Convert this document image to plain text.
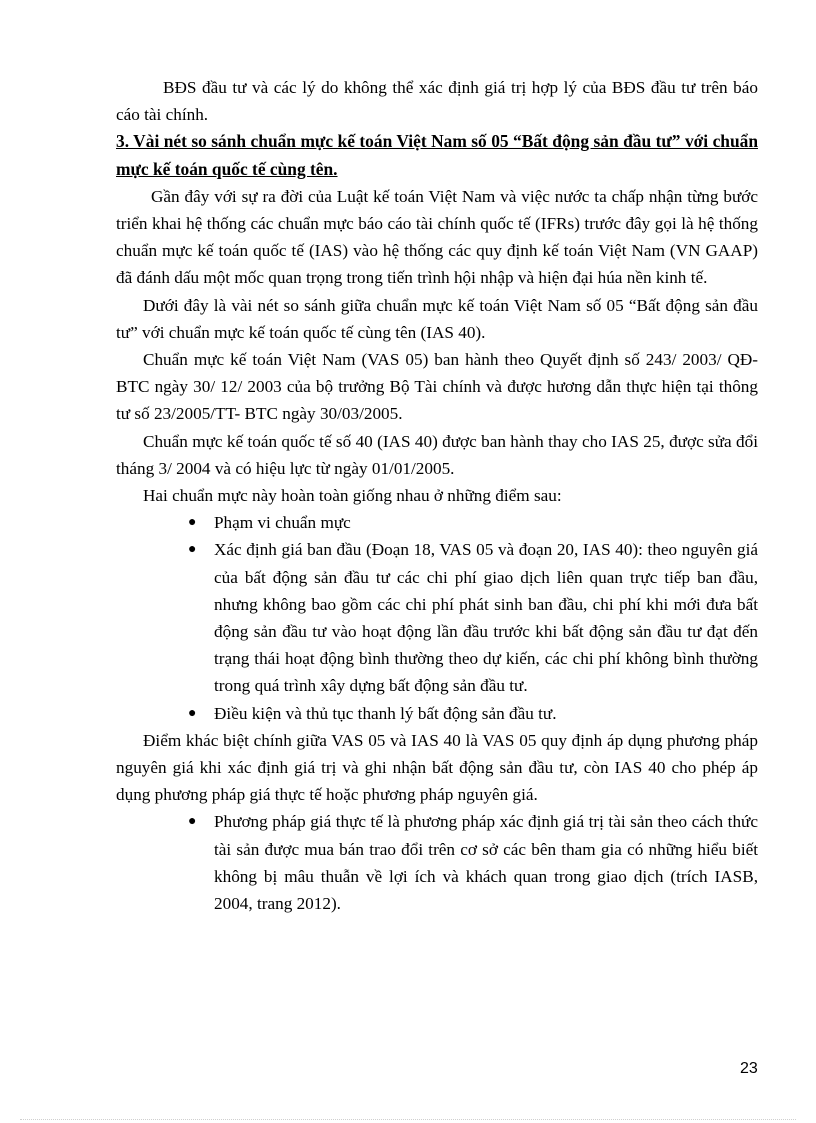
BĐS đầu tư và các lý do không thể xác định giá trị hợp lý của BĐS đầu tư trên báo cáo tài chính.

3. Vài nét so sánh chuẩn mực kế toán Việt Nam số 05 “Bất động sản đầu tư” với chuẩn mực kế toán quốc tế cùng tên.

Gần đây với sự ra đời của Luật kế toán Việt Nam và việc nước ta chấp nhận từng bước triển khai hệ thống các chuẩn mực báo cáo tài chính quốc tế (IFRs) trước đây gọi là hệ thống chuẩn mực kế toán quốc tế (IAS) vào hệ thống các quy định kế toán Việt Nam (VN GAAP) đã đánh dấu một mốc quan trọng trong tiến trình hội nhập và hiện đại húa nền kinh tế.

Dưới đây là vài nét so sánh giữa chuẩn mực kế toán Việt Nam số 05 “Bất động sản đầu tư” với chuẩn mực kế toán quốc tế cùng tên (IAS 40).

Chuẩn mực kế toán Việt Nam (VAS 05) ban hành theo Quyết định số 243/ 2003/ QĐ-BTC ngày 30/ 12/ 2003 của bộ trưởng Bộ Tài chính và được hương dẫn thực hiện tại thông tư số 23/2005/TT- BTC ngày 30/03/2005.

Chuẩn mực kế toán quốc tế số 40 (IAS 40) được ban hành thay cho IAS 25, được sửa đổi tháng 3/ 2004 và có hiệu lực từ ngày 01/01/2005.

Hai chuẩn mực này hoàn toàn giống nhau ở những điểm sau:

● Phạm vi chuẩn mực
● Xác định giá ban đầu (Đoạn 18, VAS 05 và đoạn 20, IAS 40): theo nguyên giá của bất động sản đầu tư các chi phí giao dịch liên quan trực tiếp ban đầu, nhưng không bao gồm các chi phí phát sinh ban đầu, chi phí khi mới đưa bất động sản đầu tư vào hoạt động lần đầu trước khi bất động sản đầu tư đạt đến trạng thái hoạt động bình thường theo dự kiến, các chi phí không bình thường trong quá trình xây dựng bất động sản đầu tư.
● Điều kiện và thủ tục thanh lý bất động sản đầu tư.

Điểm khác biệt chính giữa VAS 05 và IAS 40 là VAS 05 quy định áp dụng phương pháp nguyên giá khi xác định giá trị và ghi nhận bất động sản đầu tư, còn IAS 40 cho phép áp dụng phương pháp giá thực tế hoặc phương pháp nguyên giá.

● Phương pháp giá thực tế là phương pháp xác định giá trị tài sản theo cách thức tài sản được mua bán trao đổi trên cơ sở các bên tham gia có những hiểu biết không bị mâu thuẫn về lợi ích và khách quan trong giao dịch (trích IASB, 2004, trang 2012).
23
